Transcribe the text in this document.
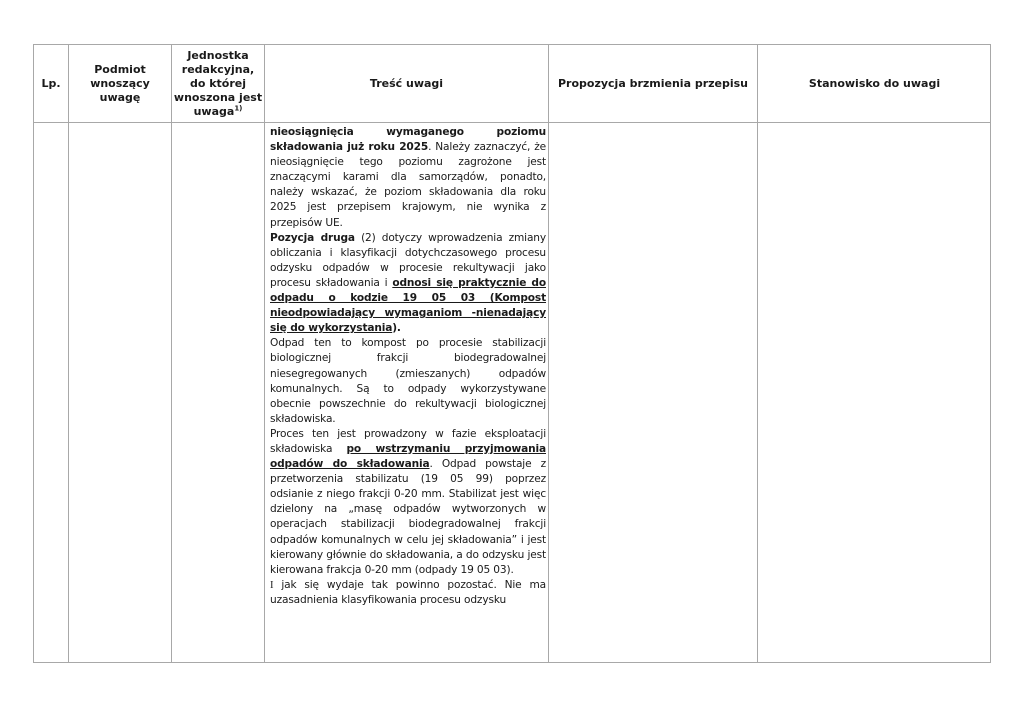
Lp.
Podmiot
wnoszący
uwagę
Jednostka
redakcyjna,
do której
wnoszona jest
uwaga$^{1)}$
Treść uwagi	Propozycja brzmienia przepisu	Stanowisko do uwagi

nieosiągnięcia wymaganego poziomu składowania już roku 2025. Należy zaznaczyć, że nieosiągnięcie tego poziomu zagrożone jest znaczącymi karami dla samorządów, ponadto, należy wskazać, że poziom składowania dla roku 2025 jest przepisem krajowym, nie wynika z przepisów UE.

Pozycja druga (2) dotyczy wprowadzenia zmiany obliczania i klasyfikacji dotychczasowego procesu odzysku odpadów w procesie rekultywacji jako procesu składowania i odnosi się praktycznie do odpadu o kodzie 19 05 03 (Kompost nieodpowiadający wymaganiom -nienadający się do wykorzystania).

Odpad ten to kompost po procesie stabilizacji biologicznej frakcji biodegradowalnej niesegregowanych (zmieszanych) odpadów komunalnych. Są to odpady wykorzystywane obecnie powszechnie do rekultywacji biologicznej składowiska.

Proces ten jest prowadzony w fazie eksploatacji składowiska po wstrzymaniu przyjmowania odpadów do składowania. Odpad powstaje z przetworzenia stabilizatu (19 05 99) poprzez odsianie z niego frakcji 0-20 mm. Stabilizat jest więc dzielony na „masę odpadów wytworzonych w operacjach stabilizacji biodegradowalnej frakcji odpadów komunalnych w celu jej składowania” i jest kierowany głównie do składowania, a do odzysku jest kierowana frakcja 0-20 mm (odpady 19 05 03).

I jak się wydaje tak powinno pozostać. Nie ma uzasadnienia klasyfikowania procesu odzysku
